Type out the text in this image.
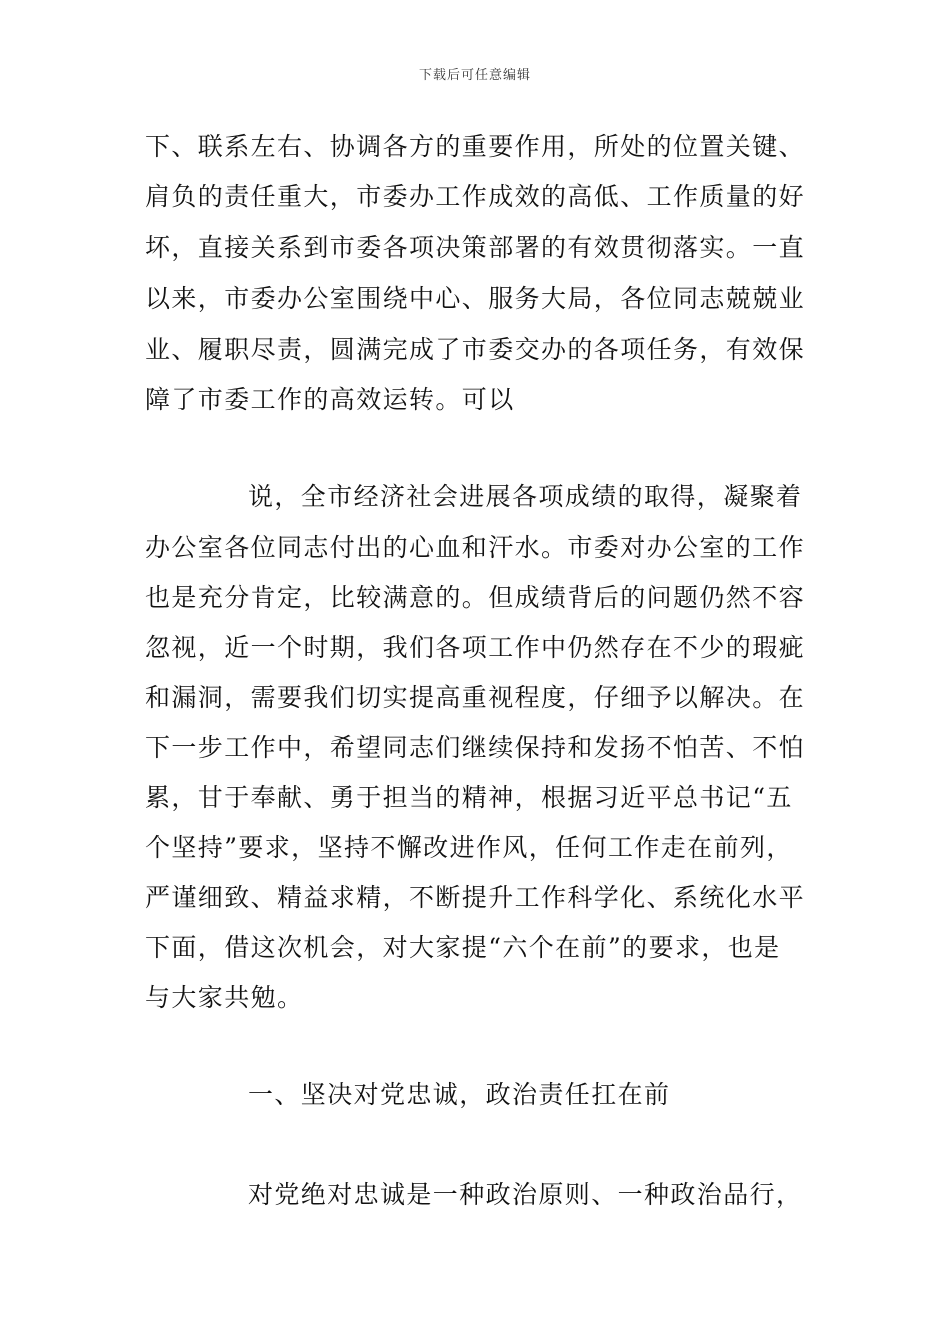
下载后可任意编辑
下、联系左右、协调各方的重要作用，所处的位置关键、
肩负的责任重大，市委办工作成效的高低、工作质量的好
坏，直接关系到市委各项决策部署的有效贯彻落实。一直
以来，市委办公室围绕中心、服务大局，各位同志兢兢业
业、履职尽责，圆满完成了市委交办的各项任务，有效保
障了市委工作的高效运转。可以
说，全市经济社会进展各项成绩的取得，凝聚着
办公室各位同志付出的心血和汗水。市委对办公室的工作
也是充分肯定，比较满意的。但成绩背后的问题仍然不容
忽视，近一个时期，我们各项工作中仍然存在不少的瑕疵
和漏洞，需要我们切实提高重视程度，仔细予以解决。在
下一步工作中，希望同志们继续保持和发扬不怕苦、不怕
累，甘于奉献、勇于担当的精神，根据习近平总书记“五
个坚持”要求，坚持不懈改进作风，任何工作走在前列，
严谨细致、精益求精，不断提升工作科学化、系统化水平
下面，借这次机会，对大家提“六个在前”的要求，也是
与大家共勉。
一、坚决对党忠诚，政治责任扛在前
对党绝对忠诚是一种政治原则、一种政治品行，
